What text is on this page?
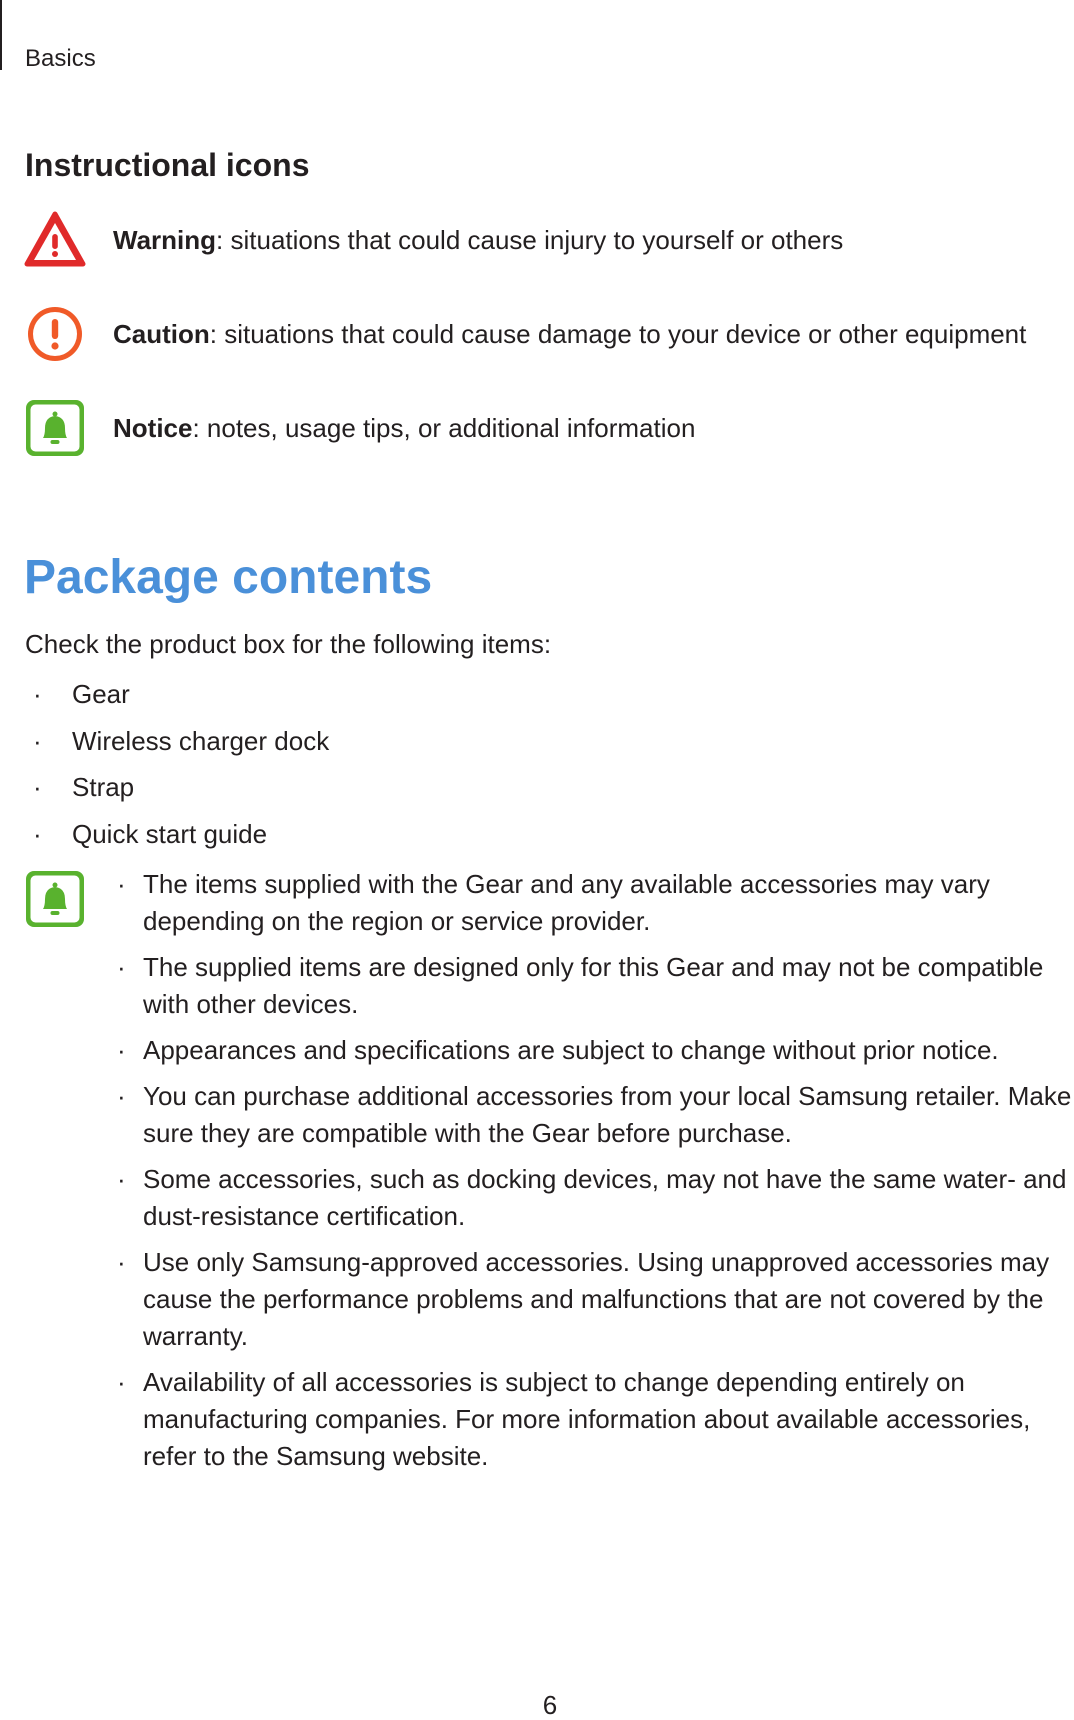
Basics
Instructional icons
Warning: situations that could cause injury to yourself or others
Caution: situations that could cause damage to your device or other equipment
Notice: notes, usage tips, or additional information
Package contents
Check the product box for the following items:
· Gear
· Wireless charger dock
· Strap
· Quick start guide
· The items supplied with the Gear and any available accessories may vary depending on the region or service provider.
· The supplied items are designed only for this Gear and may not be compatible with other devices.
· Appearances and specifications are subject to change without prior notice.
· You can purchase additional accessories from your local Samsung retailer. Make sure they are compatible with the Gear before purchase.
· Some accessories, such as docking devices, may not have the same water- and dust-resistance certification.
· Use only Samsung-approved accessories. Using unapproved accessories may cause the performance problems and malfunctions that are not covered by the warranty.
· Availability of all accessories is subject to change depending entirely on manufacturing companies. For more information about available accessories, refer to the Samsung website.
6
